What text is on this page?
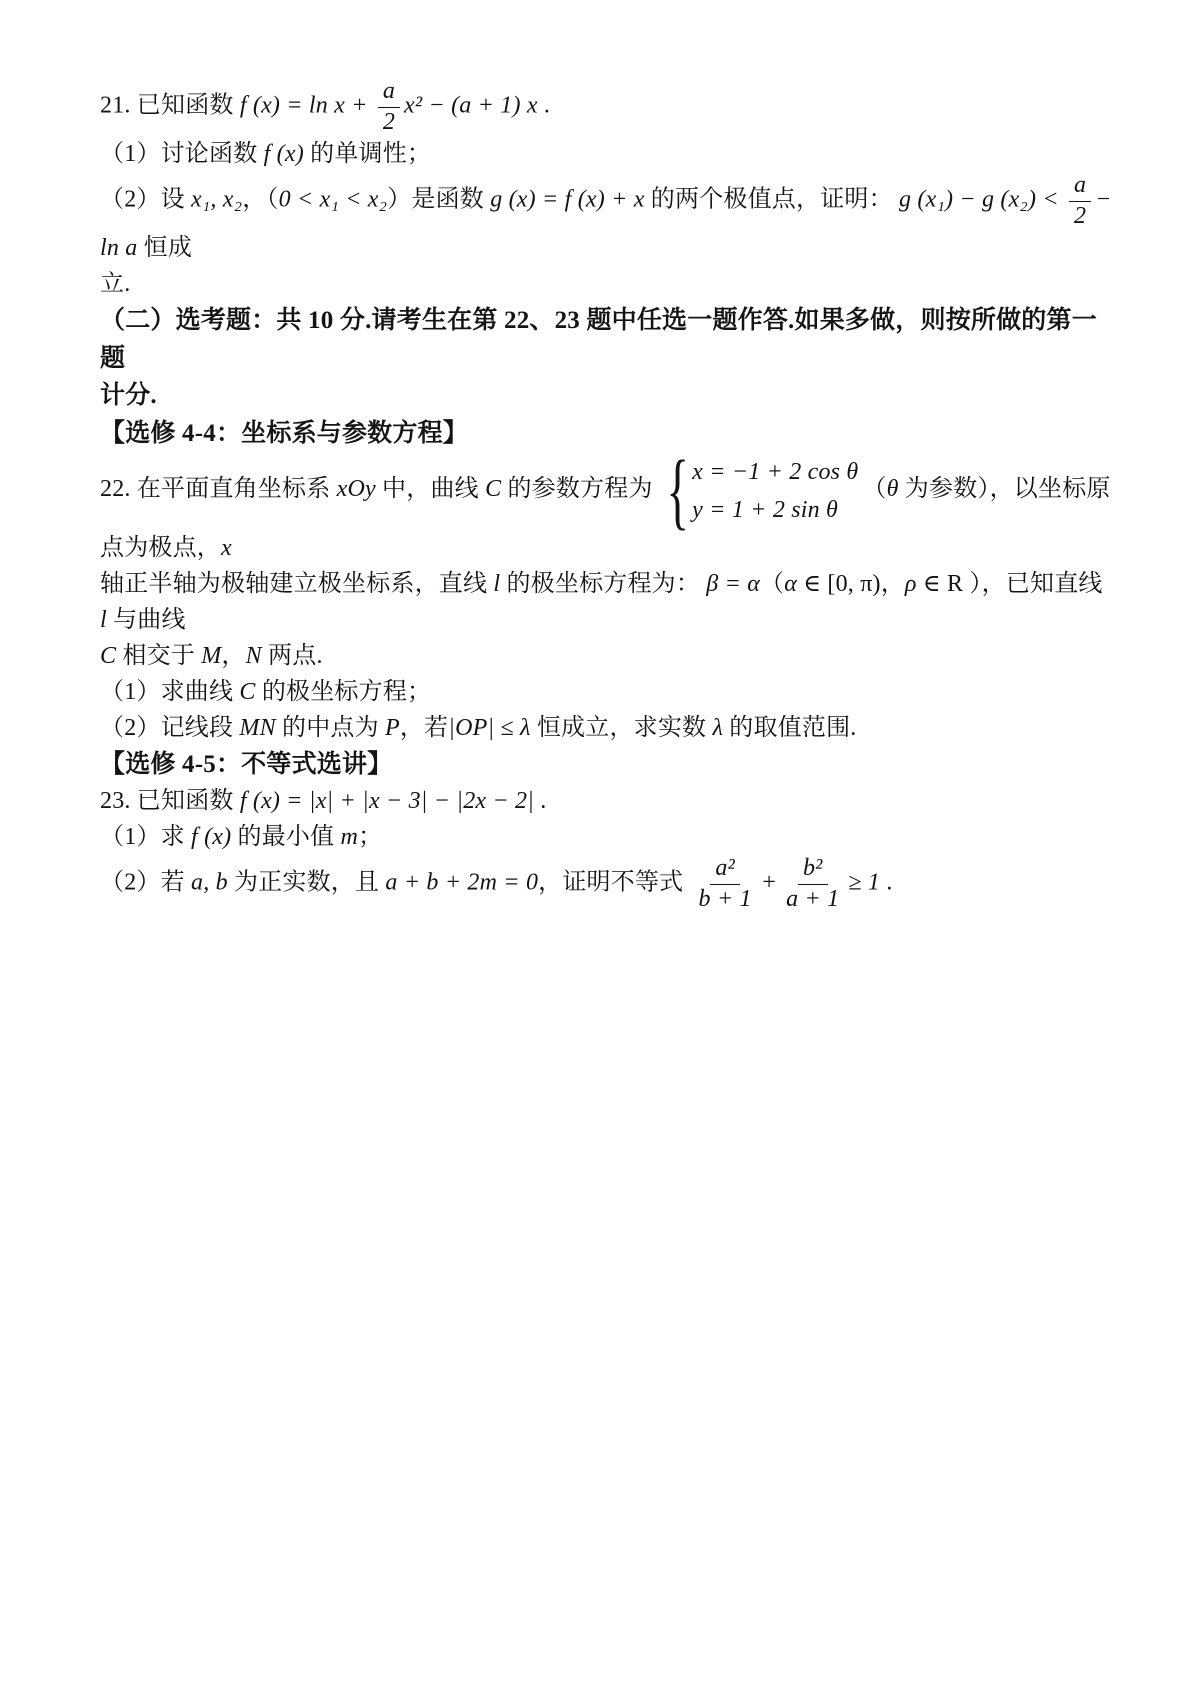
21. 已知函数 f $(x) = \ln x + \frac{a}{2} x^2 - (a + 1)$ x .

（1）讨论函数 f (x) 的单调性；

（2）设 x₁, x₂，（0 < x₁ < x₂）是函数 g (x) = f (x) + x 的两个极值点，证明： g (x₁) − g $(x_2) < \frac{a}{2} - \ln a$ 恒成

立.

（二）选考题：共 10 分.请考生在第 22、23 题中任选一题作答.如果多做，则按所做的第一题

计分.

【选修 4-4：坐标系与参数方程】

22. 在平面直角坐标系 xOy 中，曲线 C 的参数方程为 { x = −1 + 2 cos θ
y = 1 + 2 sin θ
（θ 为参数），以坐标原点为极点，x

轴正半轴为极轴建立极坐标系，直线 l 的极坐标方程为： β = α（α ∈ [0, π)，ρ ∈ R ），已知直线 l 与曲线

C 相交于 M，N 两点.

（1）求曲线 C 的极坐标方程；

（2）记线段 MN 的中点为 P，若|OP| ≤ λ 恒成立，求实数 λ 的取值范围.

【选修 4-5：不等式选讲】

23. 已知函数 f (x) = |x| + |x − 3| − |2x − 2| .

（1）求 f (x) 的最小值 m；

（2）若 a, b 为正实数，且 a + b + 2m = 0，证明不等式 $\frac{\text{a²}}{b + 1} + \frac{\text{b²}}{a + 1} \ge 1$ .
